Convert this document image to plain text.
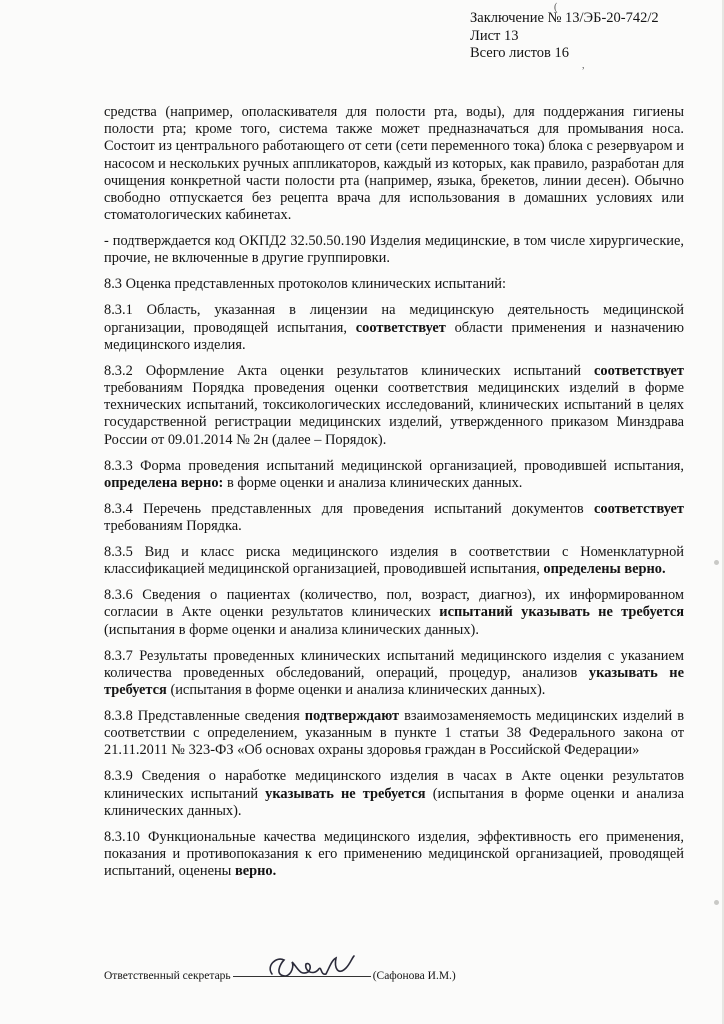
Заключение № 13/ЭБ-20-742/2
Лист 13
Всего листов 16
(
,

средства (например, ополаскивателя для полости рта, воды), для поддержания гигиены полости рта; кроме того, система также может предназначаться для промывания носа. Состоит из центрального работающего от сети (сети переменного тока) блока с резервуаром и насосом и нескольких ручных аппликаторов, каждый из которых, как правило, разработан для очищения конкретной части полости рта (например, языка, брекетов, линии десен). Обычно свободно отпускается без рецепта врача для использования в домашних условиях или стоматологических кабинетах.

- подтверждается код ОКПД2 32.50.50.190 Изделия медицинские, в том числе хирургические, прочие, не включенные в другие группировки.

8.3 Оценка представленных протоколов клинических испытаний:

8.3.1 Область, указанная в лицензии на медицинскую деятельность медицинской организации, проводящей испытания, соответствует области применения и назначению медицинского изделия.

8.3.2 Оформление Акта оценки результатов клинических испытаний соответствует требованиям Порядка проведения оценки соответствия медицинских изделий в форме технических испытаний, токсикологических исследований, клинических испытаний в целях государственной регистрации медицинских изделий, утвержденного приказом Минздрава России от 09.01.2014 № 2н (далее – Порядок).

8.3.3 Форма проведения испытаний медицинской организацией, проводившей испытания, определена верно: в форме оценки и анализа клинических данных.

8.3.4 Перечень представленных для проведения испытаний документов соответствует требованиям Порядка.

8.3.5 Вид и класс риска медицинского изделия в соответствии с Номенклатурной классификацией медицинской организацией, проводившей испытания, определены верно.

8.3.6 Сведения о пациентах (количество, пол, возраст, диагноз), их информированном согласии в Акте оценки результатов клинических испытаний указывать не требуется (испытания в форме оценки и анализа клинических данных).

8.3.7 Результаты проведенных клинических испытаний медицинского изделия с указанием количества проведенных обследований, операций, процедур, анализов указывать не требуется (испытания в форме оценки и анализа клинических данных).

8.3.8 Представленные сведения подтверждают взаимозаменяемость медицинских изделий в соответствии с определением, указанным в пункте 1 статьи 38 Федерального закона от 21.11.2011 № 323-ФЗ «Об основах охраны здоровья граждан в Российской Федерации»

8.3.9 Сведения о наработке медицинского изделия в часах в Акте оценки результатов клинических испытаний указывать не требуется (испытания в форме оценки и анализа клинических данных).

8.3.10 Функциональные качества медицинского изделия, эффективность его применения, показания и противопоказания к его применению медицинской организацией, проводящей испытаний, оценены верно.

Ответственный секретарь	(Сафонова И.М.)
